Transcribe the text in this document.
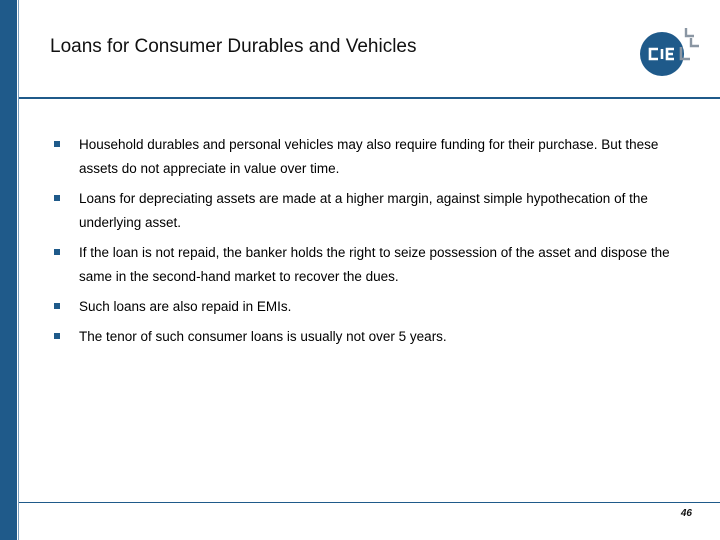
Loans for Consumer Durables and Vehicles
Household durables and personal vehicles may also require funding for their purchase. But these assets do not appreciate in value over time.
Loans for depreciating assets are made at a higher margin, against simple hypothecation of the underlying asset.
If the loan is not repaid, the banker holds the right to seize possession of the asset and dispose the same in the second-hand market to recover the dues.
Such loans are also repaid in EMIs.
The tenor of such consumer loans is usually not over 5 years.
46
